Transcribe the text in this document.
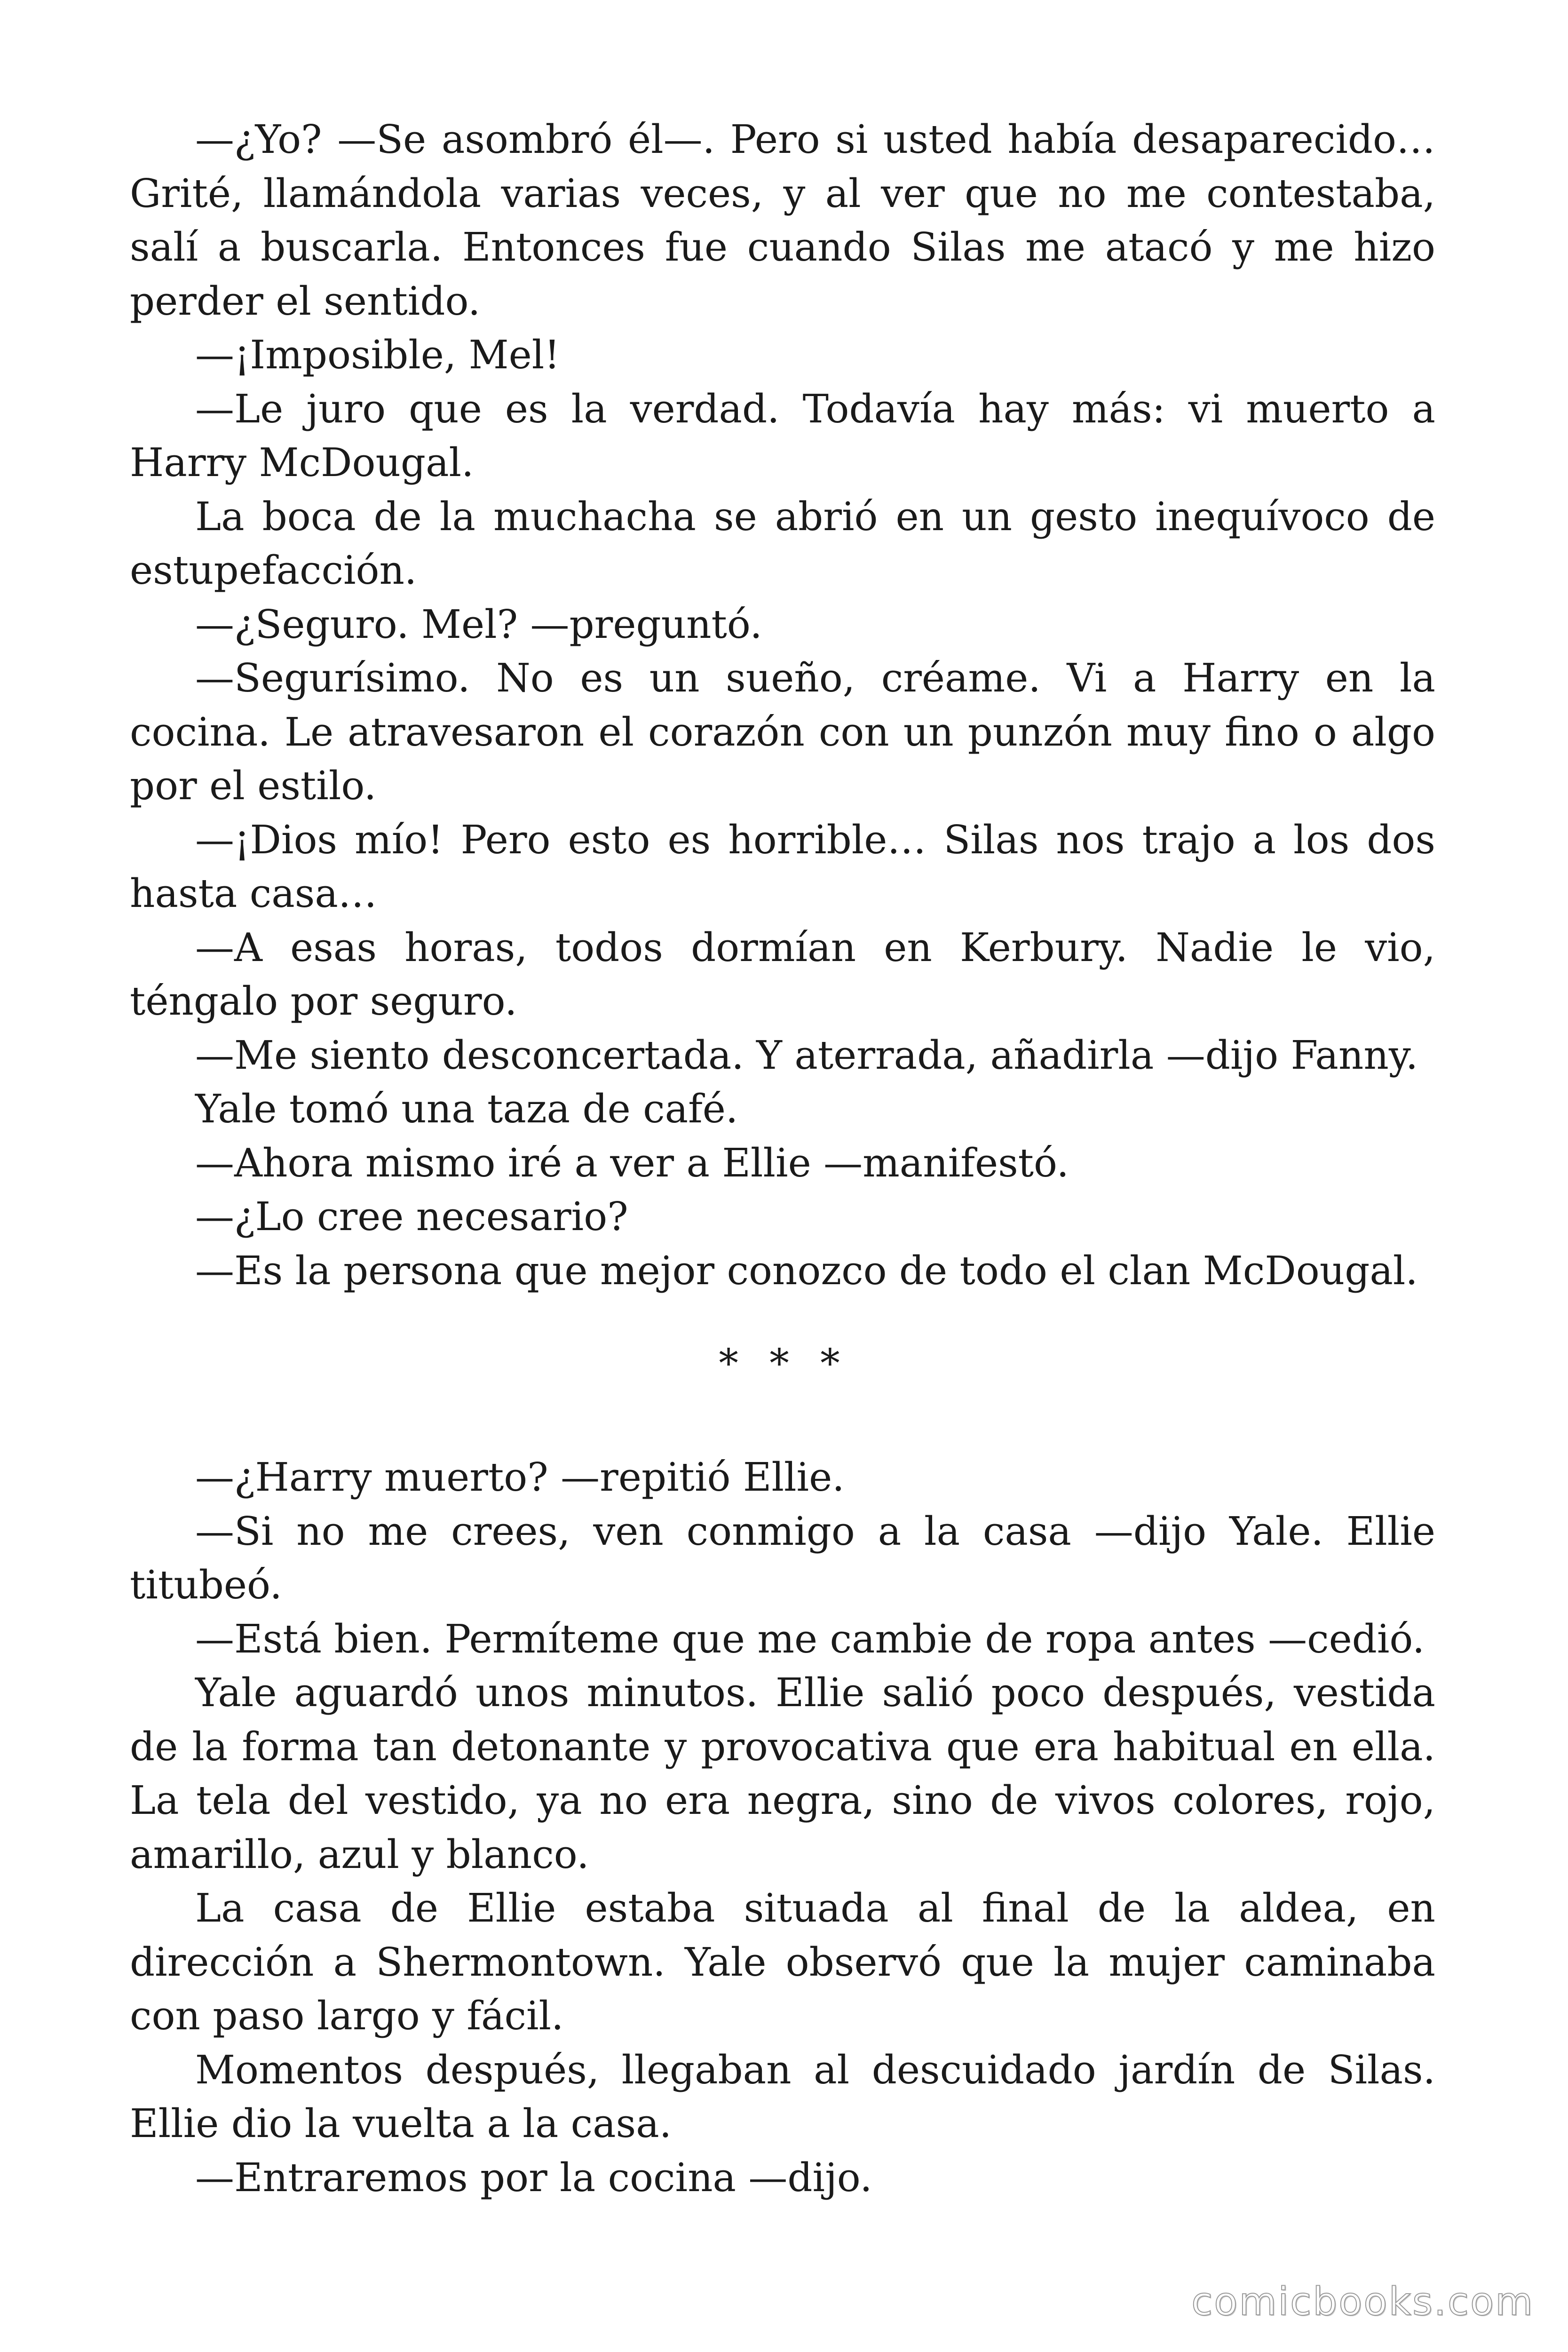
—¿Yo? —Se asombró él—. Pero si usted había desaparecido… Grité, llamándola varias veces, y al ver que no me contestaba, salí a buscarla. Entonces fue cuando Silas me atacó y me hizo perder el sentido.

—¡Imposible, Mel!

—Le juro que es la verdad. Todavía hay más: vi muerto a Harry McDougal.

La boca de la muchacha se abrió en un gesto inequívoco de estupefacción.

—¿Seguro. Mel? —preguntó.

—Segurísimo. No es un sueño, créame. Vi a Harry en la cocina. Le atravesaron el corazón con un punzón muy fino o algo por el estilo.

—¡Dios mío! Pero esto es horrible… Silas nos trajo a los dos hasta casa…

—A esas horas, todos dormían en Kerbury. Nadie le vio, téngalo por seguro.

—Me siento desconcertada. Y aterrada, añadirla —dijo Fanny.

Yale tomó una taza de café.

—Ahora mismo iré a ver a Ellie —manifestó.

—¿Lo cree necesario?

—Es la persona que mejor conozco de todo el clan McDougal.

* * *

—¿Harry muerto? —repitió Ellie.

—Si no me crees, ven conmigo a la casa —dijo Yale. Ellie titubeó.

—Está bien. Permíteme que me cambie de ropa antes —cedió.

Yale aguardó unos minutos. Ellie salió poco después, vestida de la forma tan detonante y provocativa que era habitual en ella. La tela del vestido, ya no era negra, sino de vivos colores, rojo, amarillo, azul y blanco.

La casa de Ellie estaba situada al final de la aldea, en dirección a Shermontown. Yale observó que la mujer caminaba con paso largo y fácil.

Momentos después, llegaban al descuidado jardín de Silas. Ellie dio la vuelta a la casa.

—Entraremos por la cocina —dijo.

comicbooks.com
